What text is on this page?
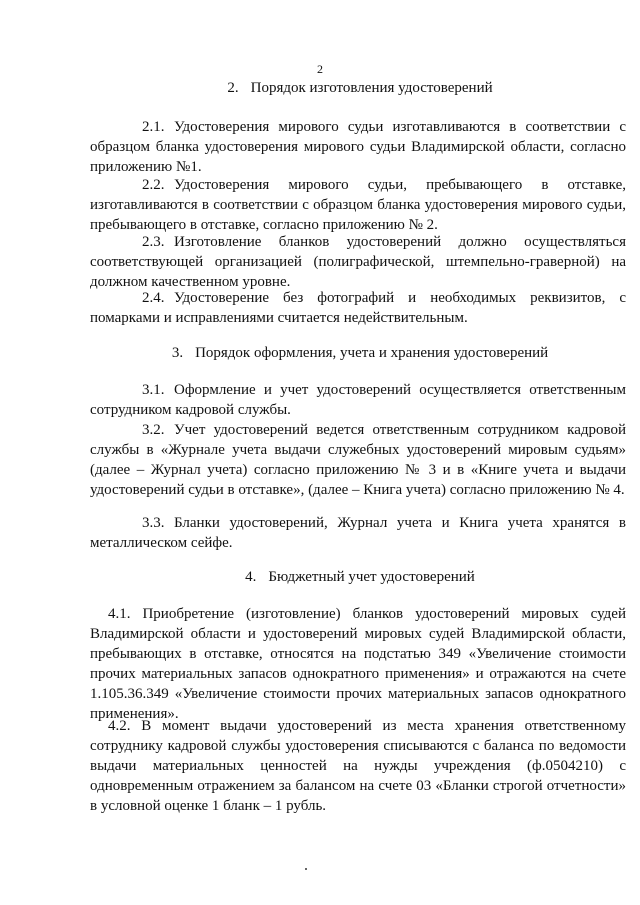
2
2. Порядок изготовления удостоверений
2.1. Удостоверения мирового судьи изготавливаются в соответствии с образцом бланка удостоверения мирового судьи Владимирской области, согласно приложению №1.
2.2. Удостоверения мирового судьи, пребывающего в отставке, изготавливаются в соответствии с образцом бланка удостоверения мирового судьи, пребывающего в отставке, согласно приложению № 2.
2.3. Изготовление бланков удостоверений должно осуществляться соответствующей организацией (полиграфической, штемпельно-граверной) на должном качественном уровне.
2.4. Удостоверение без фотографий и необходимых реквизитов, с помарками и исправлениями считается недействительным.
3. Порядок оформления, учета и хранения удостоверений
3.1. Оформление и учет удостоверений осуществляется ответственным сотрудником кадровой службы.
3.2. Учет удостоверений ведется ответственным сотрудником кадровой службы в «Журнале учета выдачи служебных удостоверений мировым судьям» (далее – Журнал учета) согласно приложению № 3 и в «Книге учета и выдачи удостоверений судьи в отставке», (далее – Книга учета) согласно приложению № 4.
3.3. Бланки удостоверений, Журнал учета и Книга учета хранятся в металлическом сейфе.
4. Бюджетный учет удостоверений
4.1. Приобретение (изготовление) бланков удостоверений мировых судей Владимирской области и удостоверений мировых судей Владимирской области, пребывающих в отставке, относятся на подстатью 349 «Увеличение стоимости прочих материальных запасов однократного применения» и отражаются на счете 1.105.36.349 «Увеличение стоимости прочих материальных запасов однократного применения».
4.2. В момент выдачи удостоверений из места хранения ответственному сотруднику кадровой службы удостоверения списываются с баланса по ведомости выдачи материальных ценностей на нужды учреждения (ф.0504210) с одновременным отражением за балансом на счете 03 «Бланки строгой отчетности» в условной оценке 1 бланк – 1 рубль.
